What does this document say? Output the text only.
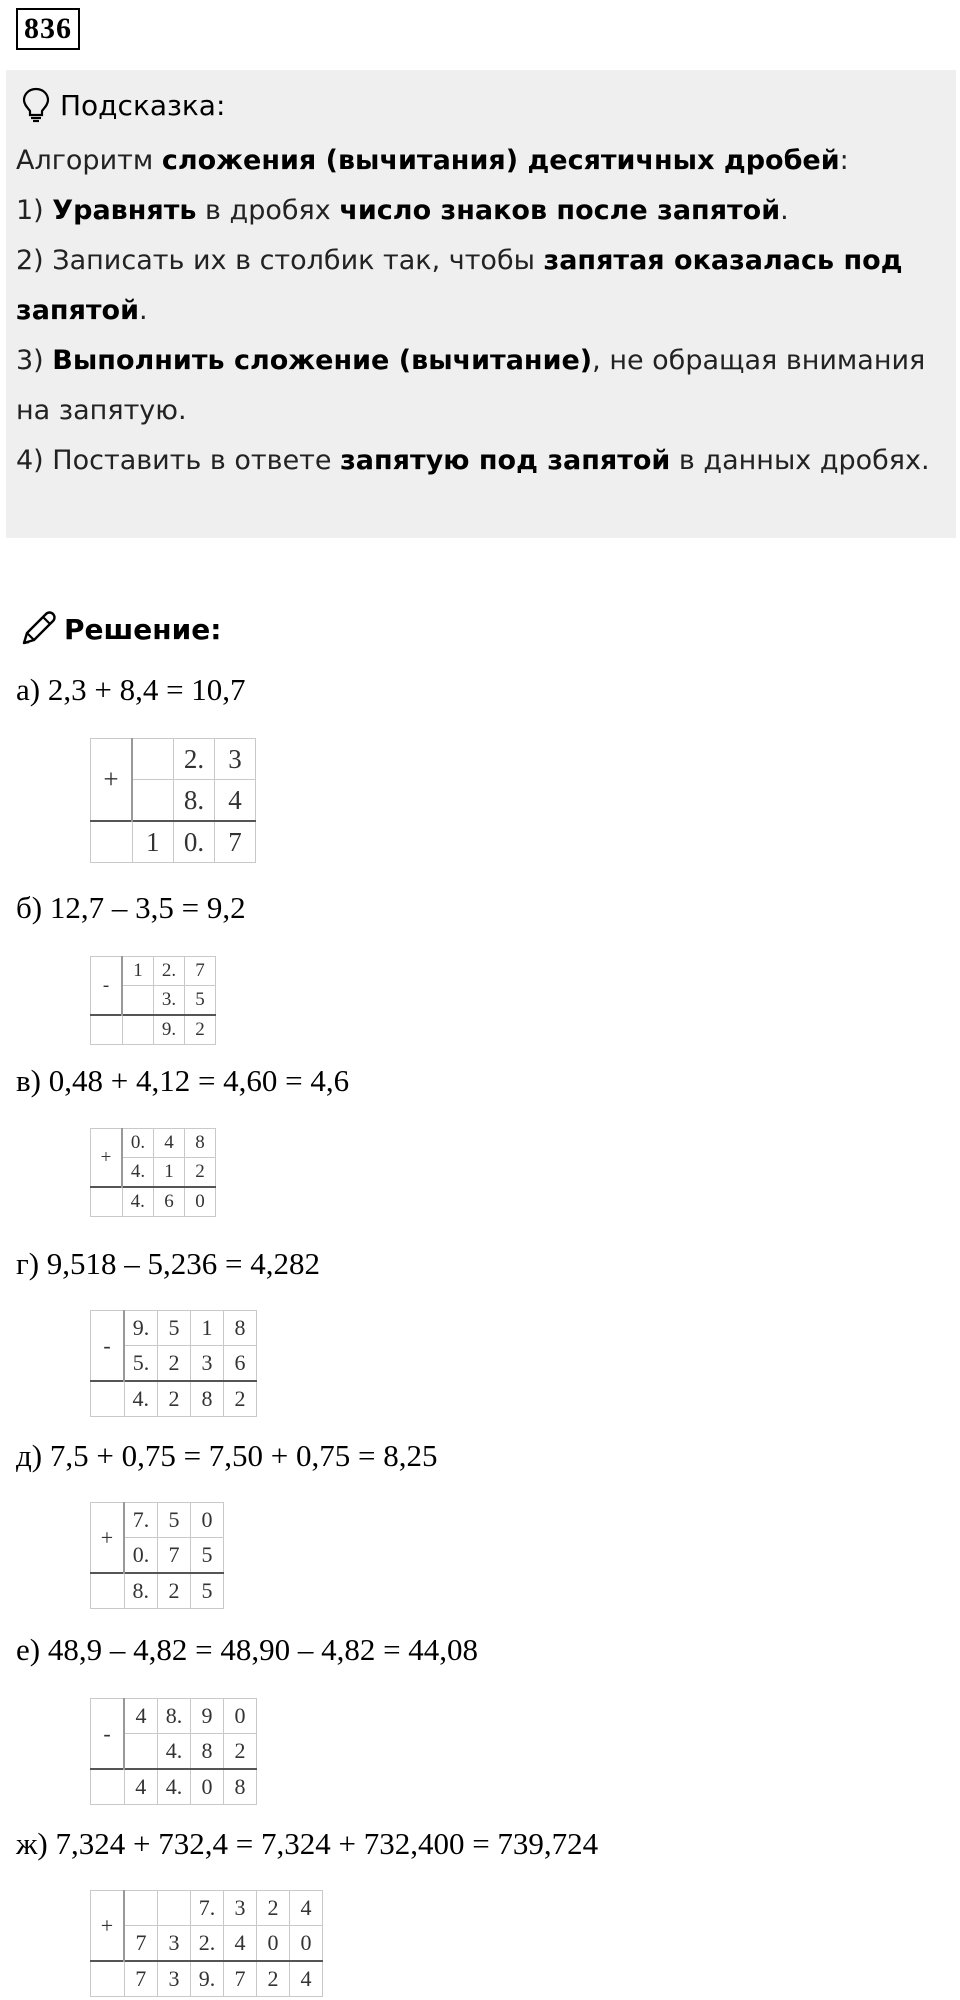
836
Подсказка:
Алгоритм сложения (вычитания) десятичных дробей:
1) Уравнять в дробях число знаков после запятой.
2) Записать их в столбик так, чтобы запятая оказалась под
запятой.
3) Выполнить сложение (вычитание), не обращая внимания
на запятую.
4) Поставить в ответе запятую под запятой в данных дробях.
Решение:
а) 2,3 + 8,4 = 10,7
+		2.	3
		8.	4
	1	0.	7
б) 12,7 – 3,5 = 9,2
-	1	2.	7
		3.	5
		9.	2
в) 0,48 + 4,12 = 4,60 = 4,6
+	0.	4	8
	4.	1	2
	4.	6	0
г) 9,518 – 5,236 = 4,282
-	9.	5	1	8
	5.	2	3	6
	4.	2	8	2
д) 7,5 + 0,75 = 7,50 + 0,75 = 8,25
+	7.	5	0
	0.	7	5
	8.	2	5
е) 48,9 – 4,82 = 48,90 – 4,82 = 44,08
-	4	8.	9	0
		4.	8	2
	4	4.	0	8
ж) 7,324 + 732,4 = 7,324 + 732,400 = 739,724
+			7.	3	2	4
	7	3	2.	4	0	0
	7	3	9.	7	2	4
